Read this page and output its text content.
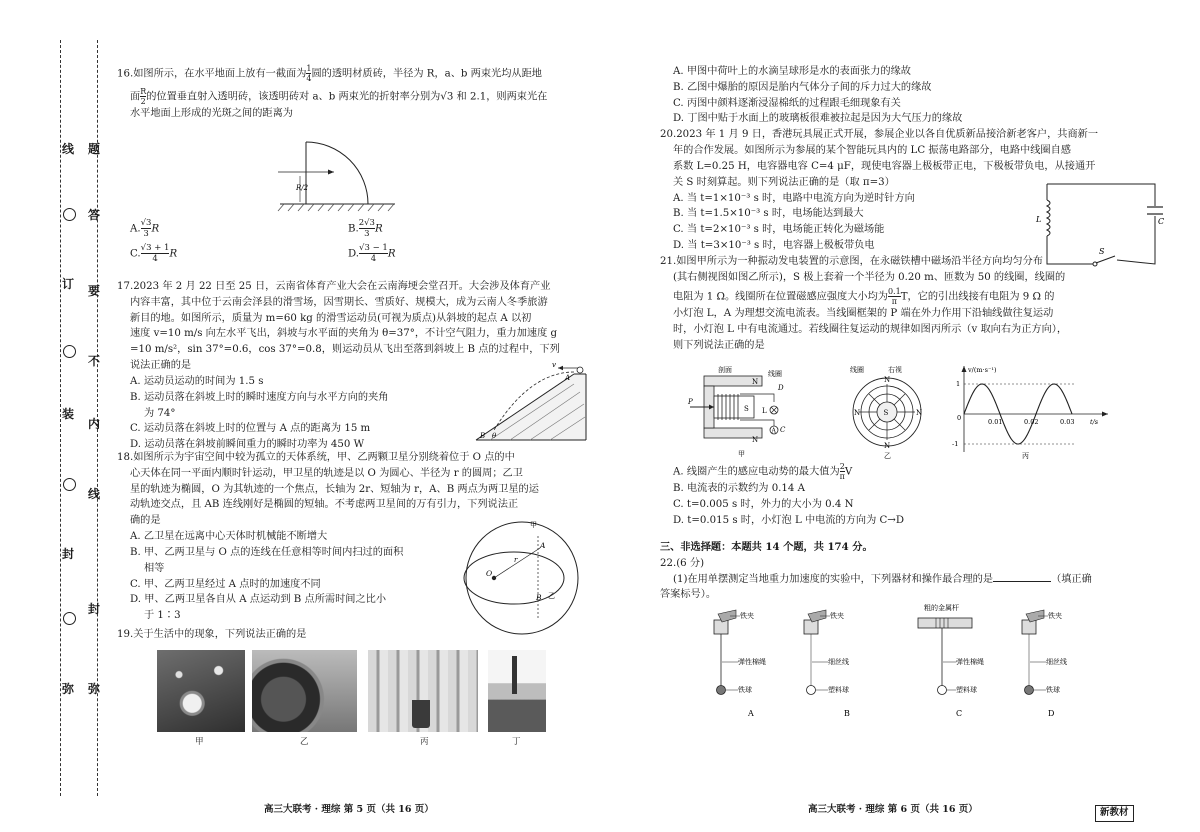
线
订
装
封
弥
题
答
要
不
内
线
封
弥
16.如图所示，在水平地面上放有一截面为 $\frac{1}{4}$ 圆的透明材质砖，半径为 R，a、b 两束光均从距地
面 $\frac{R}{2}$ 的位置垂直射入透明砖，该透明砖对 a、b 两束光的折射率分别为√3 和 2.1，则两束光在
水平地面上形成的光斑之间的距离为
R/2
A. $\frac{√3}{3}$ R	B. $\frac{2√3}{3}$ R
C. $\frac{√3 + 1}{4}$ R	D. $\frac{√3 - 1}{4}$ R
17.2023 年 2 月 22 日至 25 日，云南省体育产业大会在云南海埂会堂召开。大会涉及体育产业
内容丰富，其中位于云南会泽县的滑雪场，因雪期长、雪质好、规模大，成为云南人冬季旅游
新目的地。如图所示，质量为 m=60 kg 的滑雪运动员(可视为质点)从斜坡的起点 A 以初
速度 v=10 m/s 向左水平飞出，斜坡与水平面的夹角为 θ=37°，不计空气阻力，重力加速度 g
=10 m/s²，sin 37°=0.6，cos 37°=0.8，则运动员从飞出至落到斜坡上 B 点的过程中，下列
说法正确的是
A. 运动员运动的时间为 1.5 s
B. 运动员落在斜坡上时的瞬时速度方向与水平方向的夹角
为 74°
C. 运动员落在斜坡上时的位置与 A 点的距离为 15 m
D. 运动员落在斜坡前瞬间重力的瞬时功率为 450 W
v
A
B θ
18.如图所示为宇宙空间中较为孤立的天体系统，甲、乙两颗卫星分别绕着位于 O 点的中
心天体在同一平面内顺时针运动，甲卫星的轨迹是以 O 为圆心、半径为 r 的圆周；乙卫
星的轨迹为椭圆，O 为其轨迹的一个焦点，长轴为 2r、短轴为 r，A、B 两点为两卫星的运
动轨迹交点，且 AB 连线刚好是椭圆的短轴。不考虑两卫星间的万有引力，下列说法正
确的是
A. 乙卫星在远离中心天体时机械能不断增大
B. 甲、乙两卫星与 O 点的连线在任意相等时间内扫过的面积
相等
C. 甲、乙两卫星经过 A 点时的加速度不同
D. 甲、乙两卫星各自从 A 点运动到 B 点所需时间之比小
于 1∶3
O
A
B
r
甲
乙
19.关于生活中的现象，下列说法正确的是
甲	乙	丙	丁
高三大联考 · 理综 第 5 页（共 16 页）
A. 甲图中荷叶上的水滴呈球形是水的表面张力的缘故
B. 乙图中爆胎的原因是胎内气体分子间的斥力过大的缘故
C. 丙图中颜料逐渐浸湿棉纸的过程跟毛细现象有关
D. 丁图中贴于水面上的玻璃板很难被拉起是因为大气压力的缘故
20.2023 年 1 月 9 日，香港玩具展正式开展，参展企业以各自优质新品接洽新老客户，共商新一
年的合作发展。如图所示为参展的某个智能玩具内的 LC 振荡电路部分，电路中线圈自感
系数 L=0.25 H，电容器电容 C=4 μF，现使电容器上极板带正电，下极板带负电，从接通开
关 S 时刻算起。则下列说法正确的是（取 π=3）
A. 当 t=1×10⁻³ s 时，电路中电流方向为逆时针方向
B. 当 t=1.5×10⁻³ s 时，电场能达到最大
C. 当 t=2×10⁻³ s 时，电场能正转化为磁场能
D. 当 t=3×10⁻³ s 时，电容器上极板带负电
21.如图甲所示为一种振动发电装置的示意图，在永磁铁槽中磁场沿半径方向均匀分布
(其右侧视图如图乙所示)，S 极上套着一个半径为 0.20 m、匝数为 50 的线圈，线圈的
电阻为 1 Ω。线圈所在位置磁感应强度大小均为 $\frac{0.1}{\pi}$ T，它的引出线接有电阻为 9 Ω 的
小灯泡 L，A 为理想交流电流表。当线圈框架的 P 端在外力作用下沿轴线做往复运动
时，小灯泡 L 中有电流通过。若线圈往复运动的规律如图丙所示（v 取向右为正方向），
则下列说法正确的是
L	C
S
剖面	线圈
P
N
N
S
A
D
L
C
甲
线圈	右视
S
N
N
N	N
乙
v/(m·s⁻¹)
1
-1
0	0.01	0.02	0.03 t/s
丙
A. 线圈产生的感应电动势的最大值为 $\frac{2}{\pi}$ V
B. 电流表的示数约为 0.14 A
C. t=0.005 s 时，外力的大小为 0.4 N
D. t=0.015 s 时，小灯泡 L 中电流的方向为 C→D
三、非选择题：本题共 14 个题，共 174 分。
22.(6 分)
(1)在用单摆测定当地重力加速度的实验中，下列器材和操作最合理的是	（填正确
答案标号）。
铁夹
弹性棉绳
铁球
A
铁夹
细丝线
塑料球
B
粗的金属杆
弹性棉绳
塑料球
C
铁夹
细丝线
铁球
D
高三大联考 · 理综 第 6 页（共 16 页）	新教材
